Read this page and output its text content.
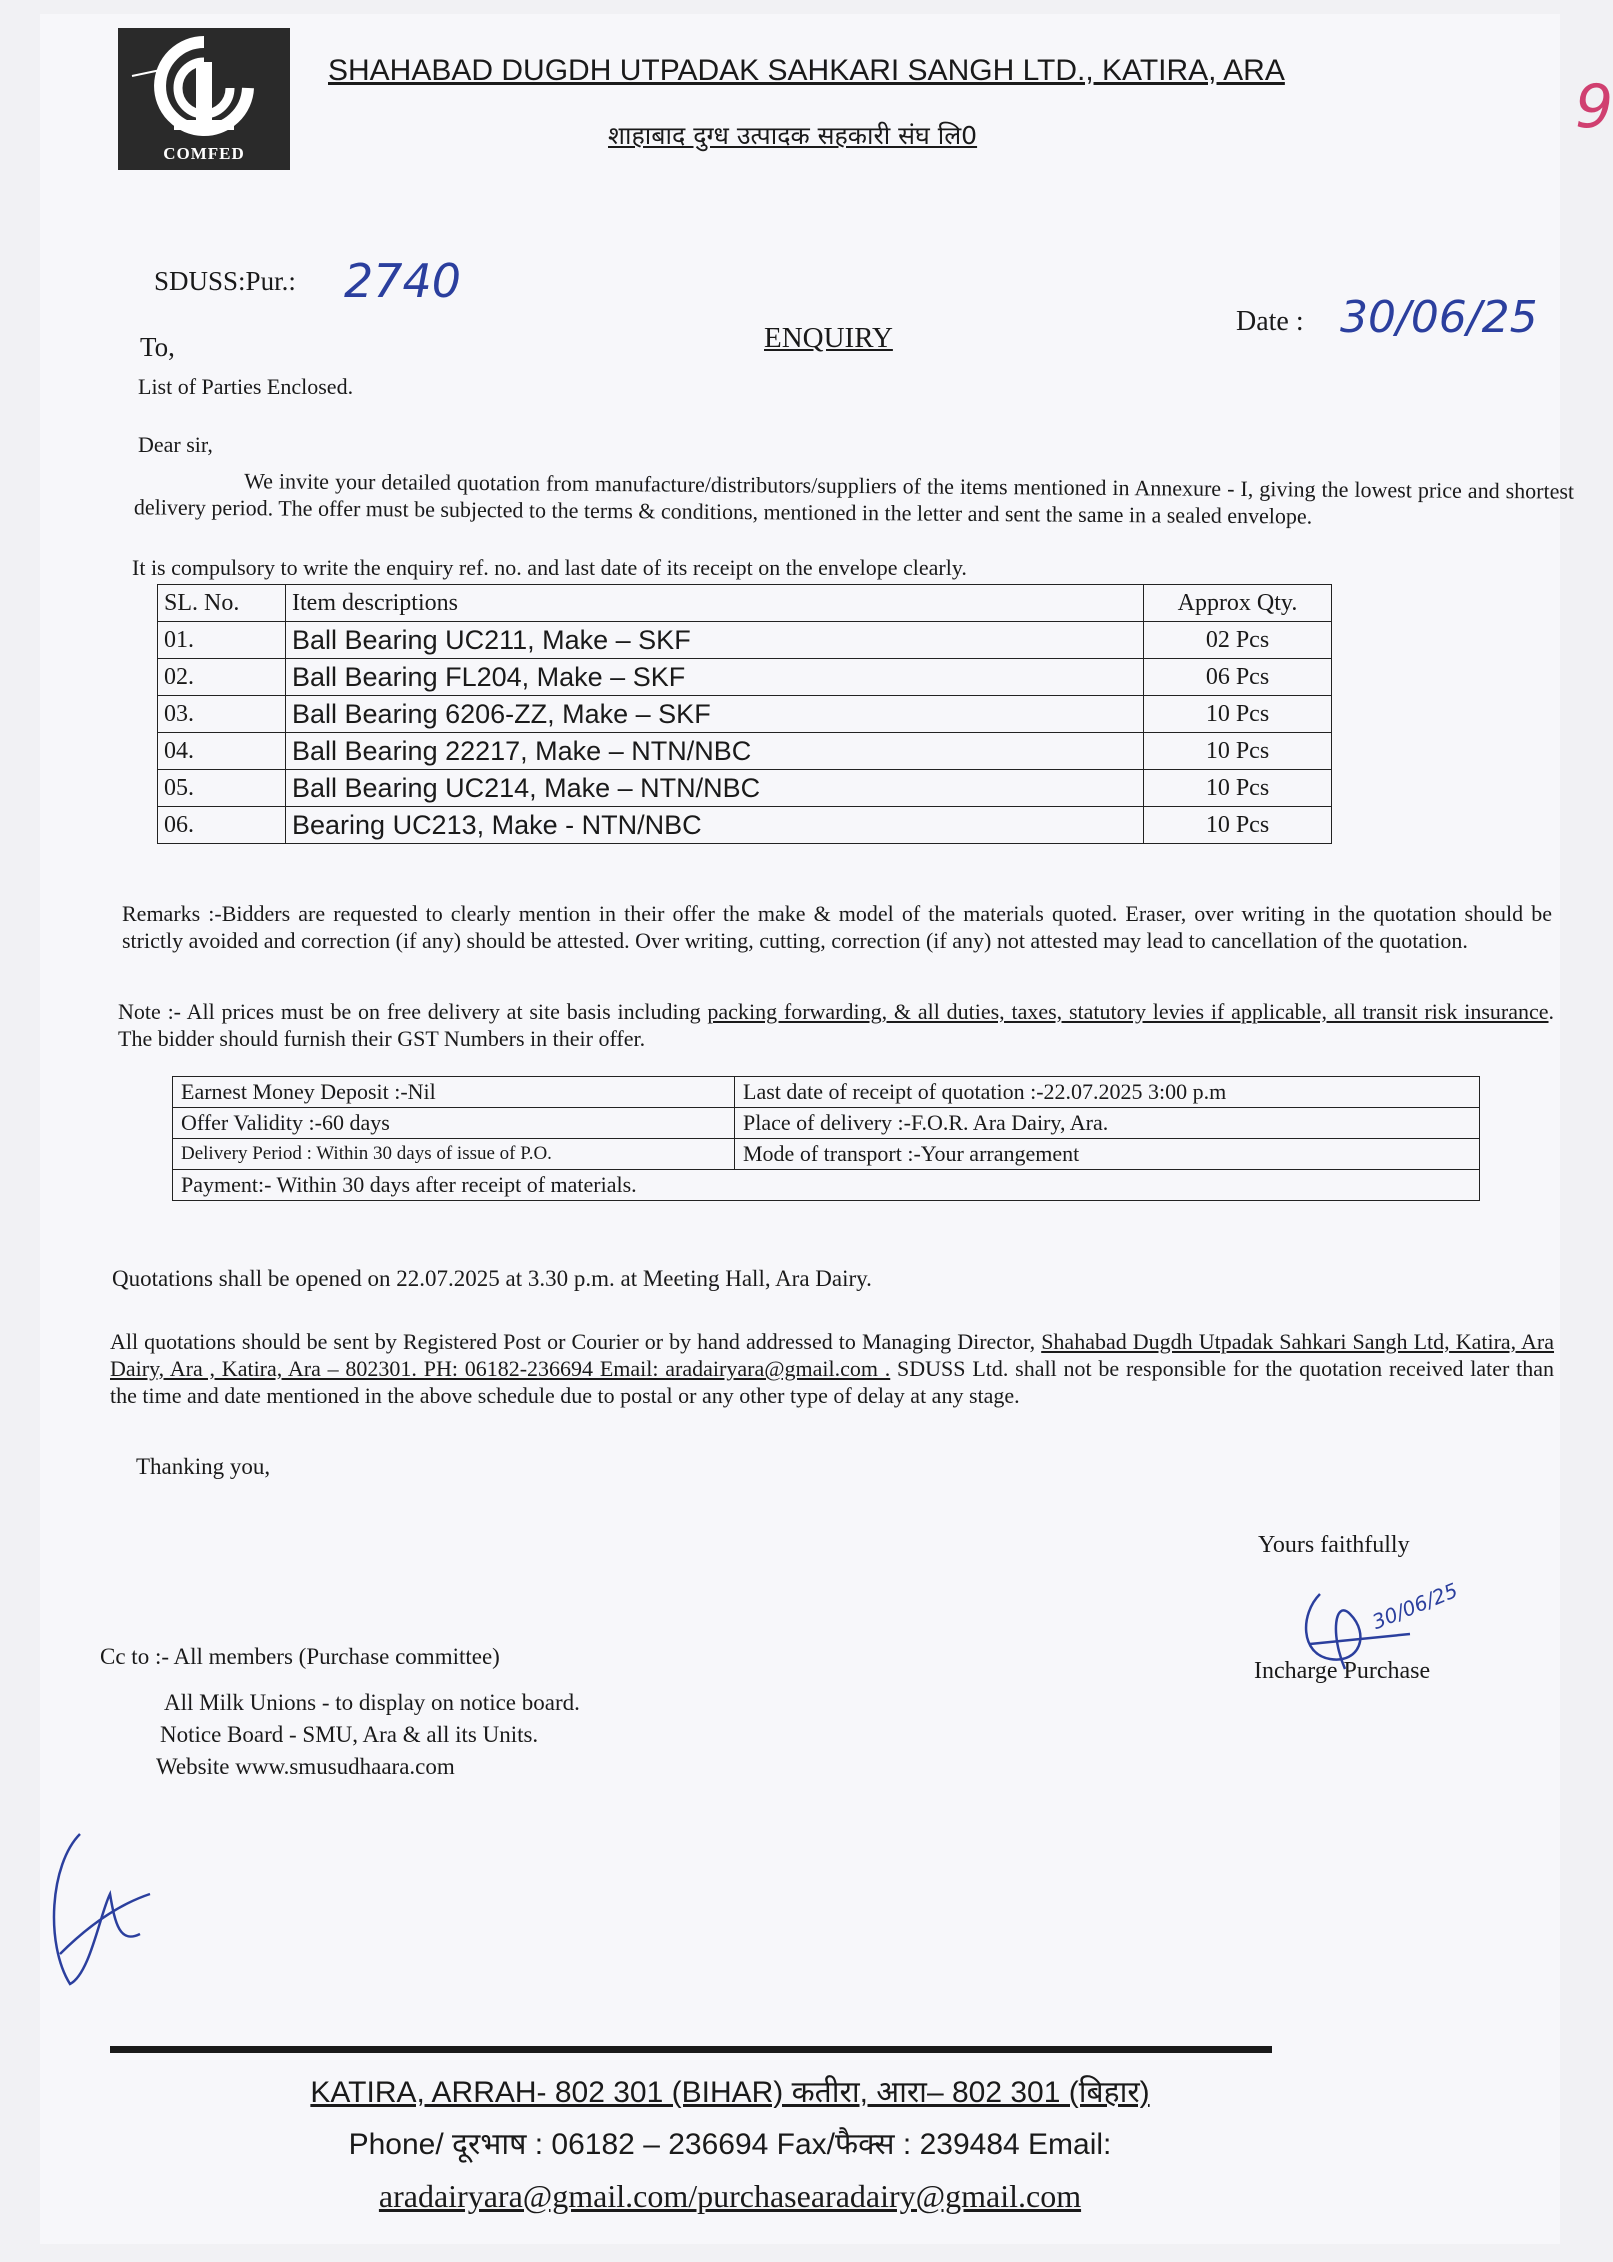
COMFED
SHAHABAD DUGDH UTPADAK SAHKARI SANGH LTD., KATIRA, ARA
शाहाबाद दुग्ध उत्पादक सहकारी संघ लि0	9
SDUSS:Pur.: 2740
ENQUIRY
Date : 30/06/25
To,
List of Parties Enclosed.
Dear sir,
We invite your detailed quotation from manufacture/distributors/suppliers of the items mentioned in Annexure - I, giving the lowest price and shortest delivery period. The offer must be subjected to the terms & conditions, mentioned in the letter and sent the same in a sealed envelope.
It is compulsory to write the enquiry ref. no. and last date of its receipt on the envelope clearly.
SL. No.	Item descriptions	Approx Qty.
01.	Ball Bearing UC211, Make – SKF	02 Pcs
02.	Ball Bearing FL204, Make – SKF	06 Pcs
03.	Ball Bearing 6206-ZZ, Make – SKF	10 Pcs
04.	Ball Bearing 22217, Make – NTN/NBC	10 Pcs
05.	Ball Bearing UC214, Make – NTN/NBC	10 Pcs
06.	Bearing UC213, Make - NTN/NBC	10 Pcs
Remarks :-Bidders are requested to clearly mention in their offer the make & model of the materials quoted. Eraser, over writing in the quotation should be strictly avoided and correction (if any) should be attested. Over writing, cutting, correction (if any) not attested may lead to cancellation of the quotation.
Note :- All prices must be on free delivery at site basis including packing forwarding, & all duties, taxes, statutory levies if applicable, all transit risk insurance. The bidder should furnish their GST Numbers in their offer.
Earnest Money Deposit :-Nil	Last date of receipt of quotation :-22.07.2025 3:00 p.m
Offer Validity :-60 days	Place of delivery :-F.O.R. Ara Dairy, Ara.
Delivery Period : Within 30 days of issue of P.O.	Mode of transport :-Your arrangement
Payment:- Within 30 days after receipt of materials.	
Quotations shall be opened on 22.07.2025 at 3.30 p.m. at Meeting Hall, Ara Dairy.
All quotations should be sent by Registered Post or Courier or by hand addressed to Managing Director, Shahabad Dugdh Utpadak Sahkari Sangh Ltd, Katira, Ara Dairy, Ara , Katira, Ara – 802301. PH: 06182-236694 Email: aradairyara@gmail.com . SDUSS Ltd. shall not be responsible for the quotation received later than the time and date mentioned in the above schedule due to postal or any other type of delay at any stage.
Thanking you,
Yours faithfully
30/06/25
Incharge Purchase
Cc to :- All members (Purchase committee)
All Milk Unions - to display on notice board.
Notice Board - SMU, Ara & all its Units.
Website www.smusudhaara.com
KATIRA, ARRAH- 802 301 (BIHAR) कतीरा, आरा– 802 301 (बिहार)
Phone/ दूरभाष : 06182 – 236694 Fax/फैक्स : 239484 Email:
aradairyara@gmail.com/purchasearadairy@gmail.com
